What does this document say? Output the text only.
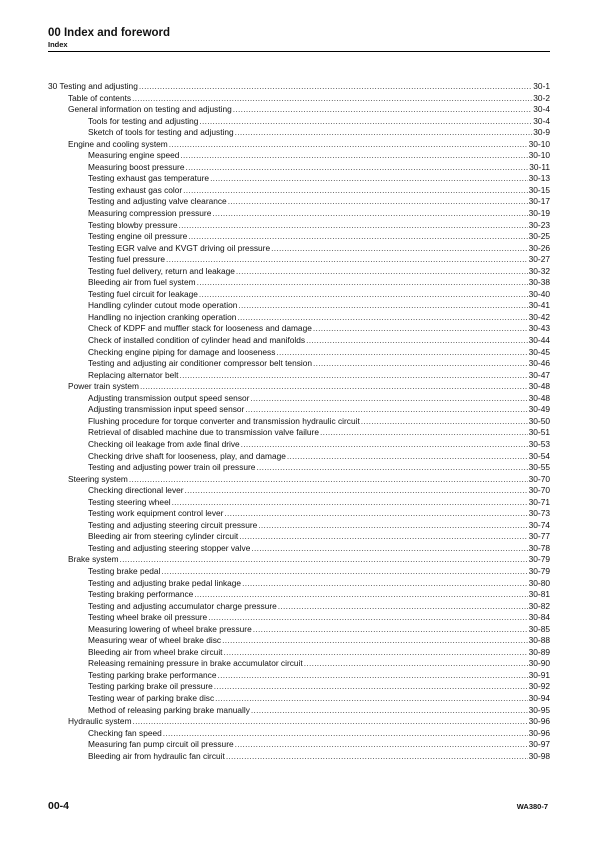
00 Index and foreword
Index
30 Testing and adjusting .....	30-1
Table of contents .....	30-2
General information on testing and adjusting .....	30-4
Tools for testing and adjusting .....	30-4
Sketch of tools for testing and adjusting .....	30-9
Engine and cooling system .....	30-10
Measuring engine speed .....	30-10
Measuring boost pressure .....	30-11
Testing exhaust gas temperature .....	30-13
Testing exhaust gas color .....	30-15
Testing and adjusting valve clearance .....	30-17
Measuring compression pressure .....	30-19
Testing blowby pressure .....	30-23
Testing engine oil pressure .....	30-25
Testing EGR valve and KVGT driving oil pressure .....	30-26
Testing fuel pressure .....	30-27
Testing fuel delivery, return and leakage .....	30-32
Bleeding air from fuel system .....	30-38
Testing fuel circuit for leakage .....	30-40
Handling cylinder cutout mode operation .....	30-41
Handling no injection cranking operation .....	30-42
Check of KDPF and muffler stack for looseness and damage .....	30-43
Check of installed condition of cylinder head and manifolds .....	30-44
Checking engine piping for damage and looseness .....	30-45
Testing and adjusting air conditioner compressor belt tension .....	30-46
Replacing alternator belt .....	30-47
Power train system .....	30-48
Adjusting transmission output speed sensor .....	30-48
Adjusting transmission input speed sensor .....	30-49
Flushing procedure for torque converter and transmission hydraulic circuit .....	30-50
Retrieval of disabled machine due to transmission valve failure .....	30-51
Checking oil leakage from axle final drive .....	30-53
Checking drive shaft for looseness, play, and damage .....	30-54
Testing and adjusting power train oil pressure .....	30-55
Steering system .....	30-70
Checking directional lever .....	30-70
Testing steering wheel .....	30-71
Testing work equipment control lever .....	30-73
Testing and adjusting steering circuit pressure .....	30-74
Bleeding air from steering cylinder circuit .....	30-77
Testing and adjusting steering stopper valve .....	30-78
Brake system .....	30-79
Testing brake pedal .....	30-79
Testing and adjusting brake pedal linkage .....	30-80
Testing braking performance .....	30-81
Testing and adjusting accumulator charge pressure .....	30-82
Testing wheel brake oil pressure .....	30-84
Measuring lowering of wheel brake pressure .....	30-85
Measuring wear of wheel brake disc .....	30-88
Bleeding air from wheel brake circuit .....	30-89
Releasing remaining pressure in brake accumulator circuit .....	30-90
Testing parking brake performance .....	30-91
Testing parking brake oil pressure .....	30-92
Testing wear of parking brake disc .....	30-94
Method of releasing parking brake manually .....	30-95
Hydraulic system .....	30-96
Checking fan speed .....	30-96
Measuring fan pump circuit oil pressure .....	30-97
Bleeding air from hydraulic fan circuit .....	30-98
00-4	WA380-7
